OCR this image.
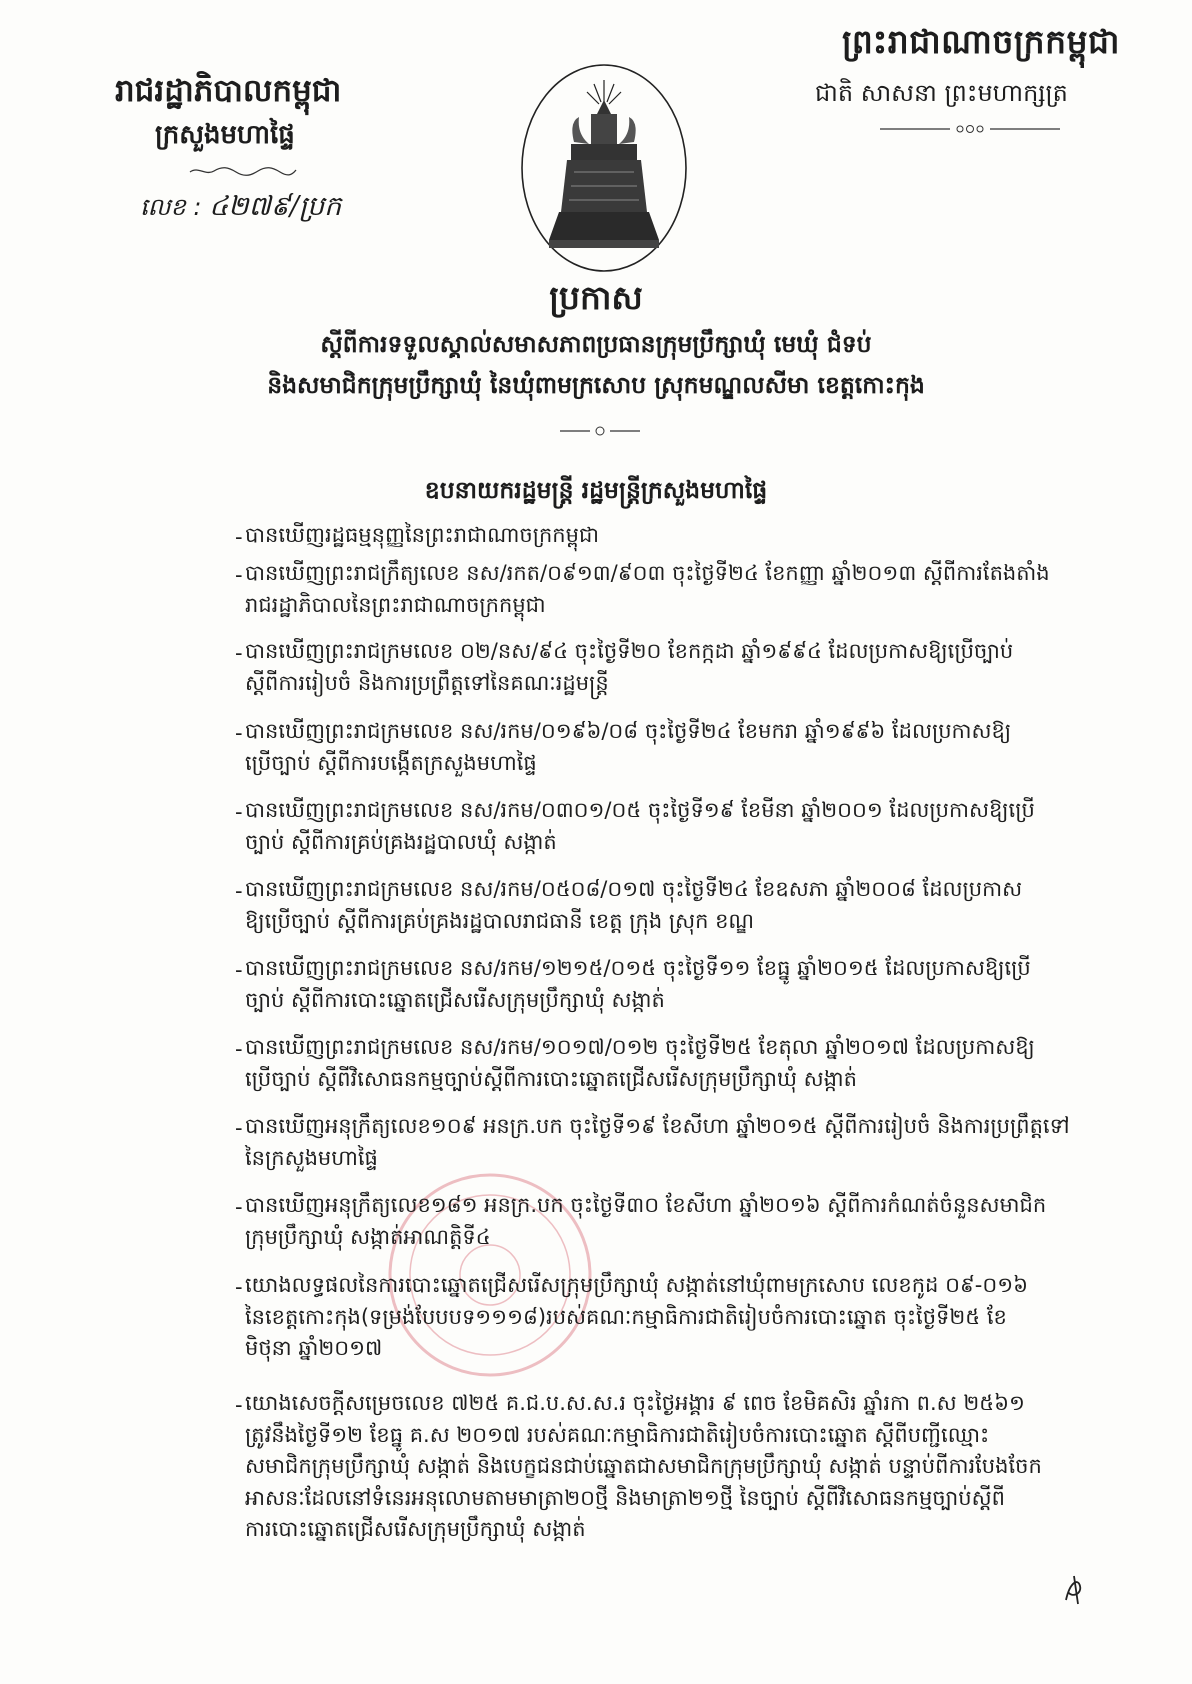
ព្រះរាជាណាចក្រកម្ពុជា
ជាតិ សាសនា ព្រះមហាក្សត្រ
រាជរដ្ឋាភិបាលកម្ពុជា
ក្រសួងមហាផ្ទៃ
លេខ : ៤២៧៩/ប្រក
ប្រកាស
ស្តីពីការទទួលស្គាល់សមាសភាពប្រធានក្រុមប្រឹក្សាឃុំ មេឃុំ ជំទប់
និងសមាជិកក្រុមប្រឹក្សាឃុំ នៃឃុំពាមក្រសោប ស្រុកមណ្ឌលសីមា ខេត្តកោះកុង
ឧបនាយករដ្ឋមន្ត្រី រដ្ឋមន្ត្រីក្រសួងមហាផ្ទៃ
- បានឃើញរដ្ឋធម្មនុញ្ញនៃព្រះរាជាណាចក្រកម្ពុជា
- បានឃើញព្រះរាជក្រឹត្យលេខ នស/រកត/០៩១៣/៩០៣ ចុះថ្ងៃទី២៤ ខែកញ្ញា ឆ្នាំ២០១៣ ស្តីពីការតែងតាំង
រាជរដ្ឋាភិបាលនៃព្រះរាជាណាចក្រកម្ពុជា
- បានឃើញព្រះរាជក្រមលេខ ០២/នស/៩៤ ចុះថ្ងៃទី២០ ខែកក្កដា ឆ្នាំ១៩៩៤ ដែលប្រកាសឱ្យប្រើច្បាប់
ស្តីពីការរៀបចំ និងការប្រព្រឹត្តទៅនៃគណៈរដ្ឋមន្ត្រី
- បានឃើញព្រះរាជក្រមលេខ នស/រកម/០១៩៦/០៨ ចុះថ្ងៃទី២៤ ខែមករា ឆ្នាំ១៩៩៦ ដែលប្រកាសឱ្យ
ប្រើច្បាប់ ស្តីពីការបង្កើតក្រសួងមហាផ្ទៃ
- បានឃើញព្រះរាជក្រមលេខ នស/រកម/០៣០១/០៥ ចុះថ្ងៃទី១៩ ខែមីនា ឆ្នាំ២០០១ ដែលប្រកាសឱ្យប្រើ
ច្បាប់ ស្តីពីការគ្រប់គ្រងរដ្ឋបាលឃុំ សង្កាត់
- បានឃើញព្រះរាជក្រមលេខ នស/រកម/០៥០៨/០១៧ ចុះថ្ងៃទី២៤ ខែឧសភា ឆ្នាំ២០០៨ ដែលប្រកាស
ឱ្យប្រើច្បាប់ ស្តីពីការគ្រប់គ្រងរដ្ឋបាលរាជធានី ខេត្ត ក្រុង ស្រុក ខណ្ឌ
- បានឃើញព្រះរាជក្រមលេខ នស/រកម/១២១៥/០១៥ ចុះថ្ងៃទី១១ ខែធ្នូ ឆ្នាំ២០១៥ ដែលប្រកាសឱ្យប្រើ
ច្បាប់ ស្តីពីការបោះឆ្នោតជ្រើសរើសក្រុមប្រឹក្សាឃុំ សង្កាត់
- បានឃើញព្រះរាជក្រមលេខ នស/រកម/១០១៧/០១២ ចុះថ្ងៃទី២៥ ខែតុលា ឆ្នាំ២០១៧ ដែលប្រកាសឱ្យ
ប្រើច្បាប់ ស្តីពីវិសោធនកម្មច្បាប់ស្តីពីការបោះឆ្នោតជ្រើសរើសក្រុមប្រឹក្សាឃុំ សង្កាត់
- បានឃើញអនុក្រឹត្យលេខ១០៩ អនក្រ.បក ចុះថ្ងៃទី១៩ ខែសីហា ឆ្នាំ២០១៥ ស្តីពីការរៀបចំ និងការប្រព្រឹត្តទៅ
នៃក្រសួងមហាផ្ទៃ
- បានឃើញអនុក្រឹត្យលេខ១៨១ អនក្រ.បក ចុះថ្ងៃទី៣០ ខែសីហា ឆ្នាំ២០១៦ ស្តីពីការកំណត់ចំនួនសមាជិក
ក្រុមប្រឹក្សាឃុំ សង្កាត់អាណត្តិទី៤
- យោងលទ្ធផលនៃការបោះឆ្នោតជ្រើសរើសក្រុមប្រឹក្សាឃុំ សង្កាត់នៅឃុំពាមក្រសោប លេខកូដ ០៩-០១៦
នៃខេត្តកោះកុង(ទម្រង់បែបបទ១១១៨)របស់គណៈកម្មាធិការជាតិរៀបចំការបោះឆ្នោត ចុះថ្ងៃទី២៥ ខែ
មិថុនា ឆ្នាំ២០១៧
- យោងសេចក្តីសម្រេចលេខ ៧២៥ គ.ជ.ប.ស.ស.រ ចុះថ្ងៃអង្គារ ៩ ពេច ខែមិគសិរ ឆ្នាំរកា ព.ស ២៥៦១
ត្រូវនឹងថ្ងៃទី១២ ខែធ្នូ គ.ស ២០១៧ របស់គណៈកម្មាធិការជាតិរៀបចំការបោះឆ្នោត ស្តីពីបញ្ជីឈ្មោះ
សមាជិកក្រុមប្រឹក្សាឃុំ សង្កាត់ និងបេក្ខជនជាប់ឆ្នោតជាសមាជិកក្រុមប្រឹក្សាឃុំ សង្កាត់ បន្ទាប់ពីការបែងចែក
អាសនៈដែលនៅទំនេរអនុលោមតាមមាត្រា២០ថ្មី និងមាត្រា២១ថ្មី នៃច្បាប់ ស្តីពីវិសោធនកម្មច្បាប់ស្តីពី
ការបោះឆ្នោតជ្រើសរើសក្រុមប្រឹក្សាឃុំ សង្កាត់
